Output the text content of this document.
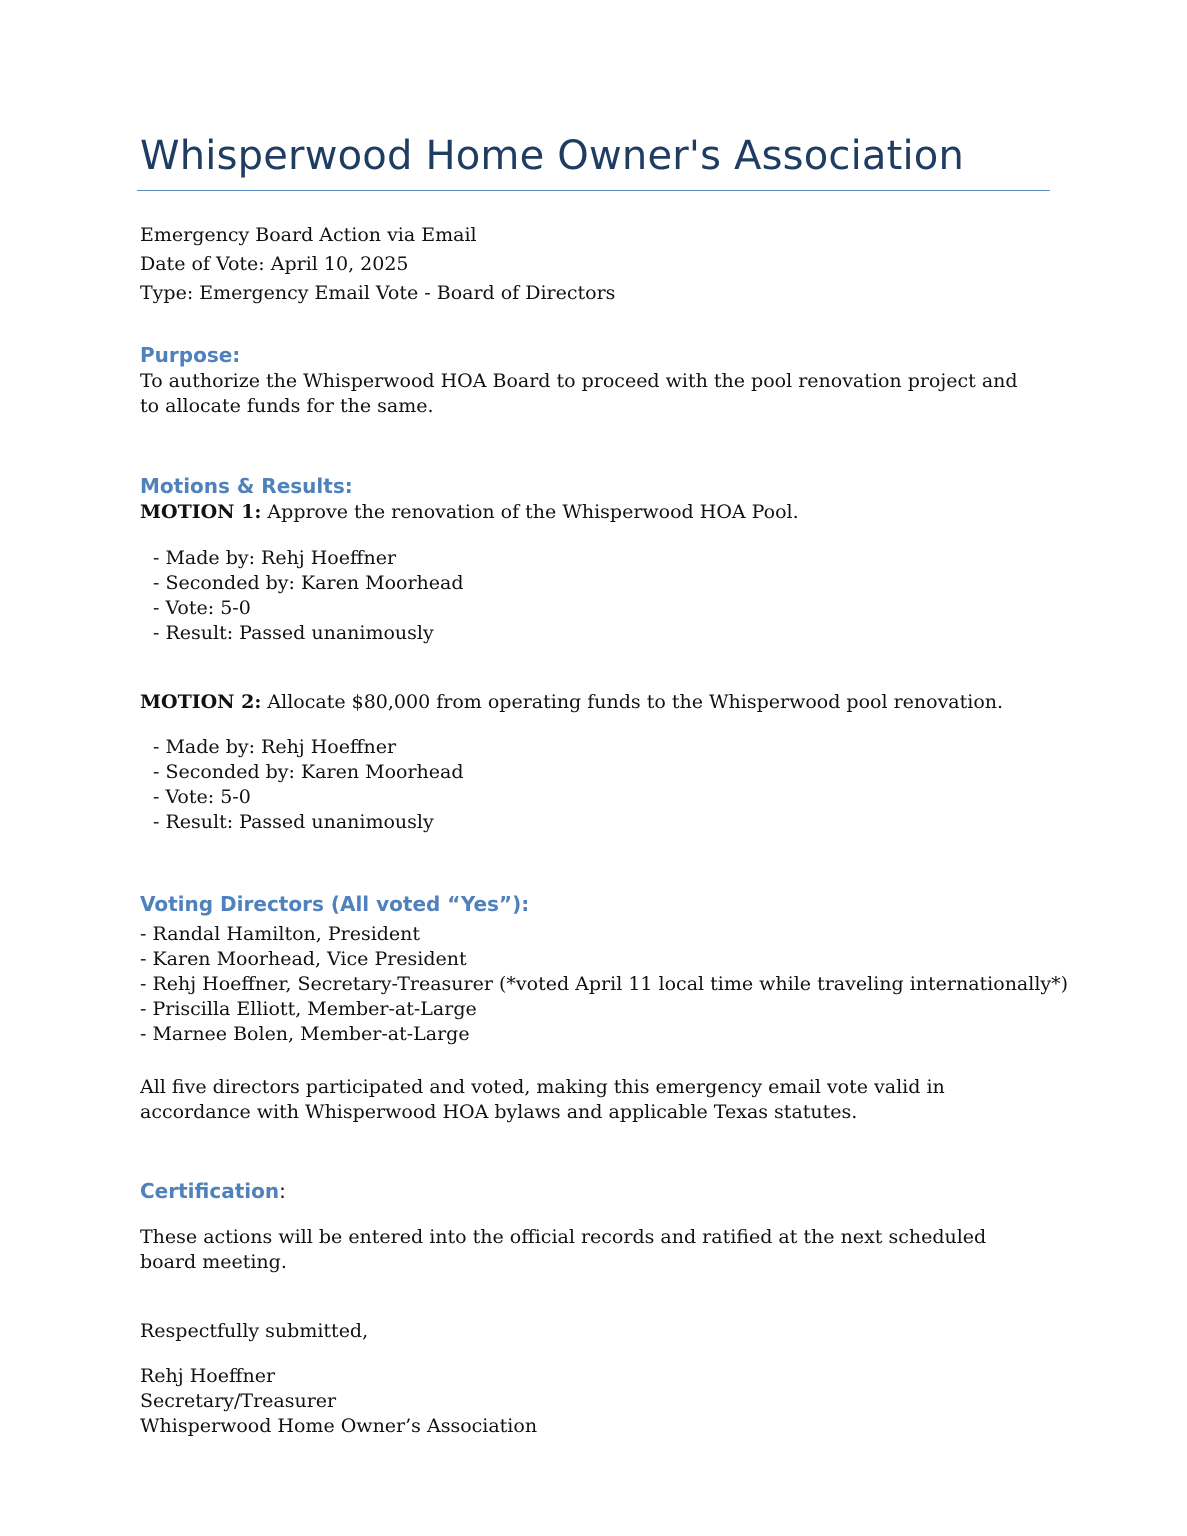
Whisperwood Home Owner's Association

Emergency Board Action via Email

Date of Vote: April 10, 2025

Type: Emergency Email Vote - Board of Directors

Purpose:

To authorize the Whisperwood HOA Board to proceed with the pool renovation project and to allocate funds for the same.

Motions & Results:

MOTION 1: Approve the renovation of the Whisperwood HOA Pool.

- Made by: Rehj Hoeffner

- Seconded by: Karen Moorhead

- Vote: 5-0

- Result: Passed unanimously

MOTION 2: Allocate $80,000 from operating funds to the Whisperwood pool renovation.

- Made by: Rehj Hoeffner

- Seconded by: Karen Moorhead

- Vote: 5-0

- Result: Passed unanimously

Voting Directors (All voted “Yes”):

- Randal Hamilton, President

- Karen Moorhead, Vice President

- Rehj Hoeffner, Secretary-Treasurer (*voted April 11 local time while traveling internationally*)

- Priscilla Elliott, Member-at-Large

- Marnee Bolen, Member-at-Large

All five directors participated and voted, making this emergency email vote valid in accordance with Whisperwood HOA bylaws and applicable Texas statutes.

Certification:

These actions will be entered into the official records and ratified at the next scheduled board meeting.

Respectfully submitted,

Rehj Hoeffner

Secretary/Treasurer

Whisperwood Home Owner’s Association
